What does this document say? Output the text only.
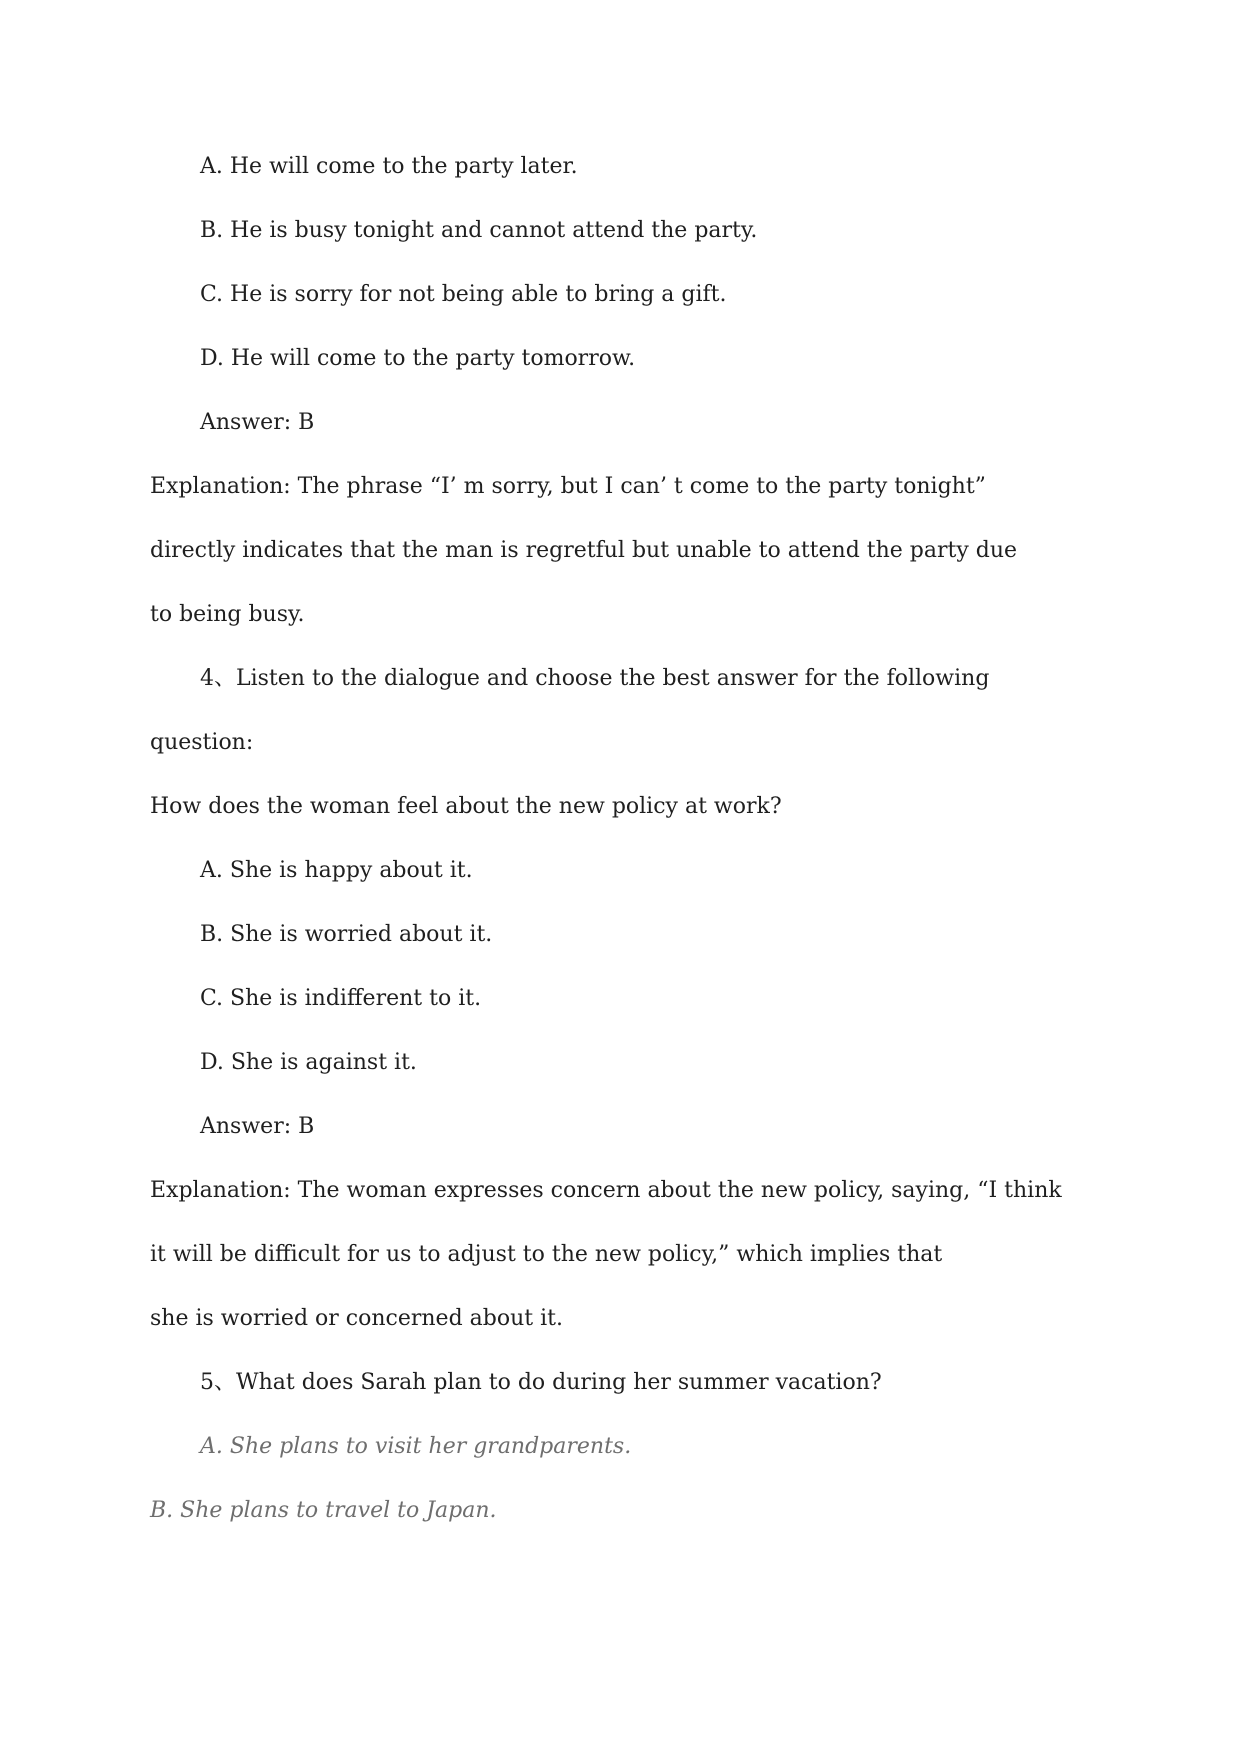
A. He will come to the party later.
B. He is busy tonight and cannot attend the party.
C. He is sorry for not being able to bring a gift.
D. He will come to the party tomorrow.
Answer: B
Explanation: The phrase “I’ m sorry, but I can’ t come to the party tonight”
directly indicates that the man is regretful but unable to attend the party due
to being busy.
4、Listen to the dialogue and choose the best answer for the following
question:
How does the woman feel about the new policy at work?
A. She is happy about it.
B. She is worried about it.
C. She is indifferent to it.
D. She is against it.
Answer: B
Explanation: The woman expresses concern about the new policy, saying, “I think
it will be difficult for us to adjust to the new policy,” which implies that
she is worried or concerned about it.
5、What does Sarah plan to do during her summer vacation?
A. She plans to visit her grandparents.
B. She plans to travel to Japan.
